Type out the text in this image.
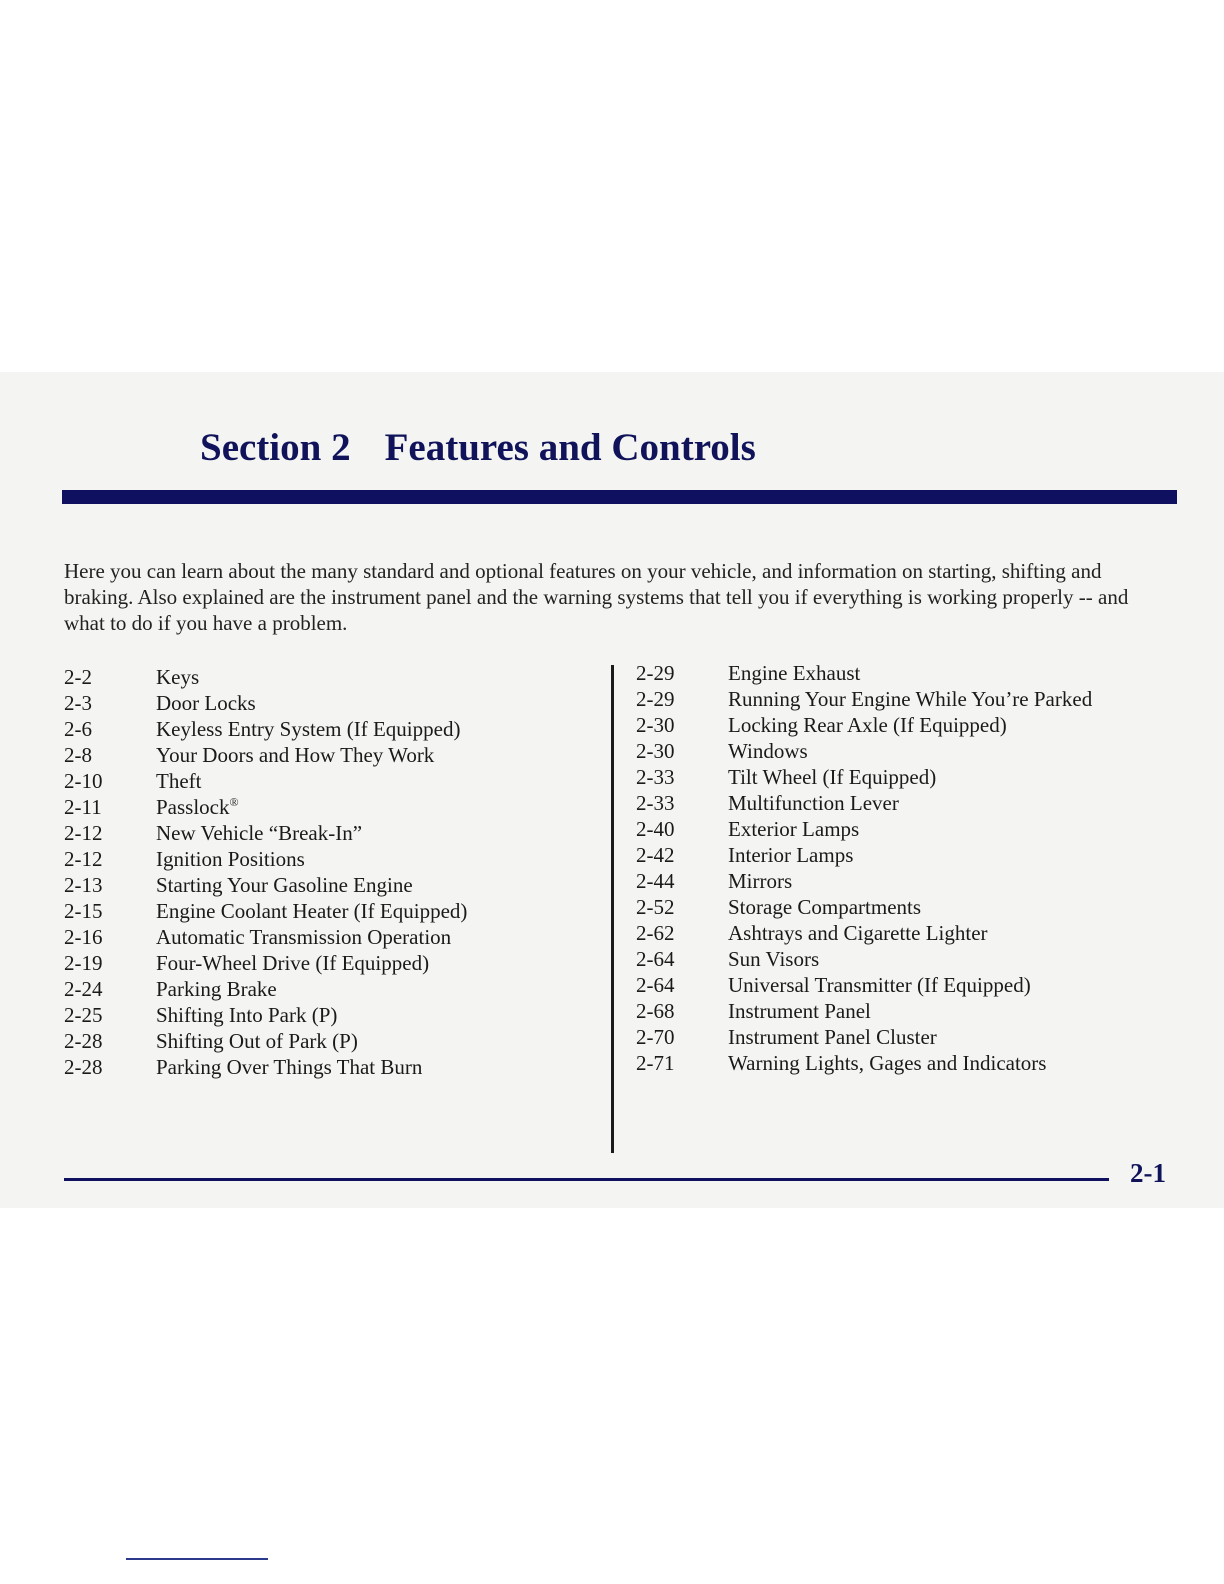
Section 2 Features and Controls

Here you can learn about the many standard and optional features on your vehicle, and information on starting, shifting and braking. Also explained are the instrument panel and the warning systems that tell you if everything is working properly -- and what to do if you have a problem.

2-2	Keys
2-3	Door Locks
2-6	Keyless Entry System (If Equipped)
2-8	Your Doors and How They Work
2-10	Theft
2-11	Passlock®
2-12	New Vehicle “Break-In”
2-12	Ignition Positions
2-13	Starting Your Gasoline Engine
2-15	Engine Coolant Heater (If Equipped)
2-16	Automatic Transmission Operation
2-19	Four-Wheel Drive (If Equipped)
2-24	Parking Brake
2-25	Shifting Into Park (P)
2-28	Shifting Out of Park (P)
2-28	Parking Over Things That Burn
2-29	Engine Exhaust
2-29	Running Your Engine While You’re Parked
2-30	Locking Rear Axle (If Equipped)
2-30	Windows
2-33	Tilt Wheel (If Equipped)
2-33	Multifunction Lever
2-40	Exterior Lamps
2-42	Interior Lamps
2-44	Mirrors
2-52	Storage Compartments
2-62	Ashtrays and Cigarette Lighter
2-64	Sun Visors
2-64	Universal Transmitter (If Equipped)
2-68	Instrument Panel
2-70	Instrument Panel Cluster
2-71	Warning Lights, Gages and Indicators
2-1
